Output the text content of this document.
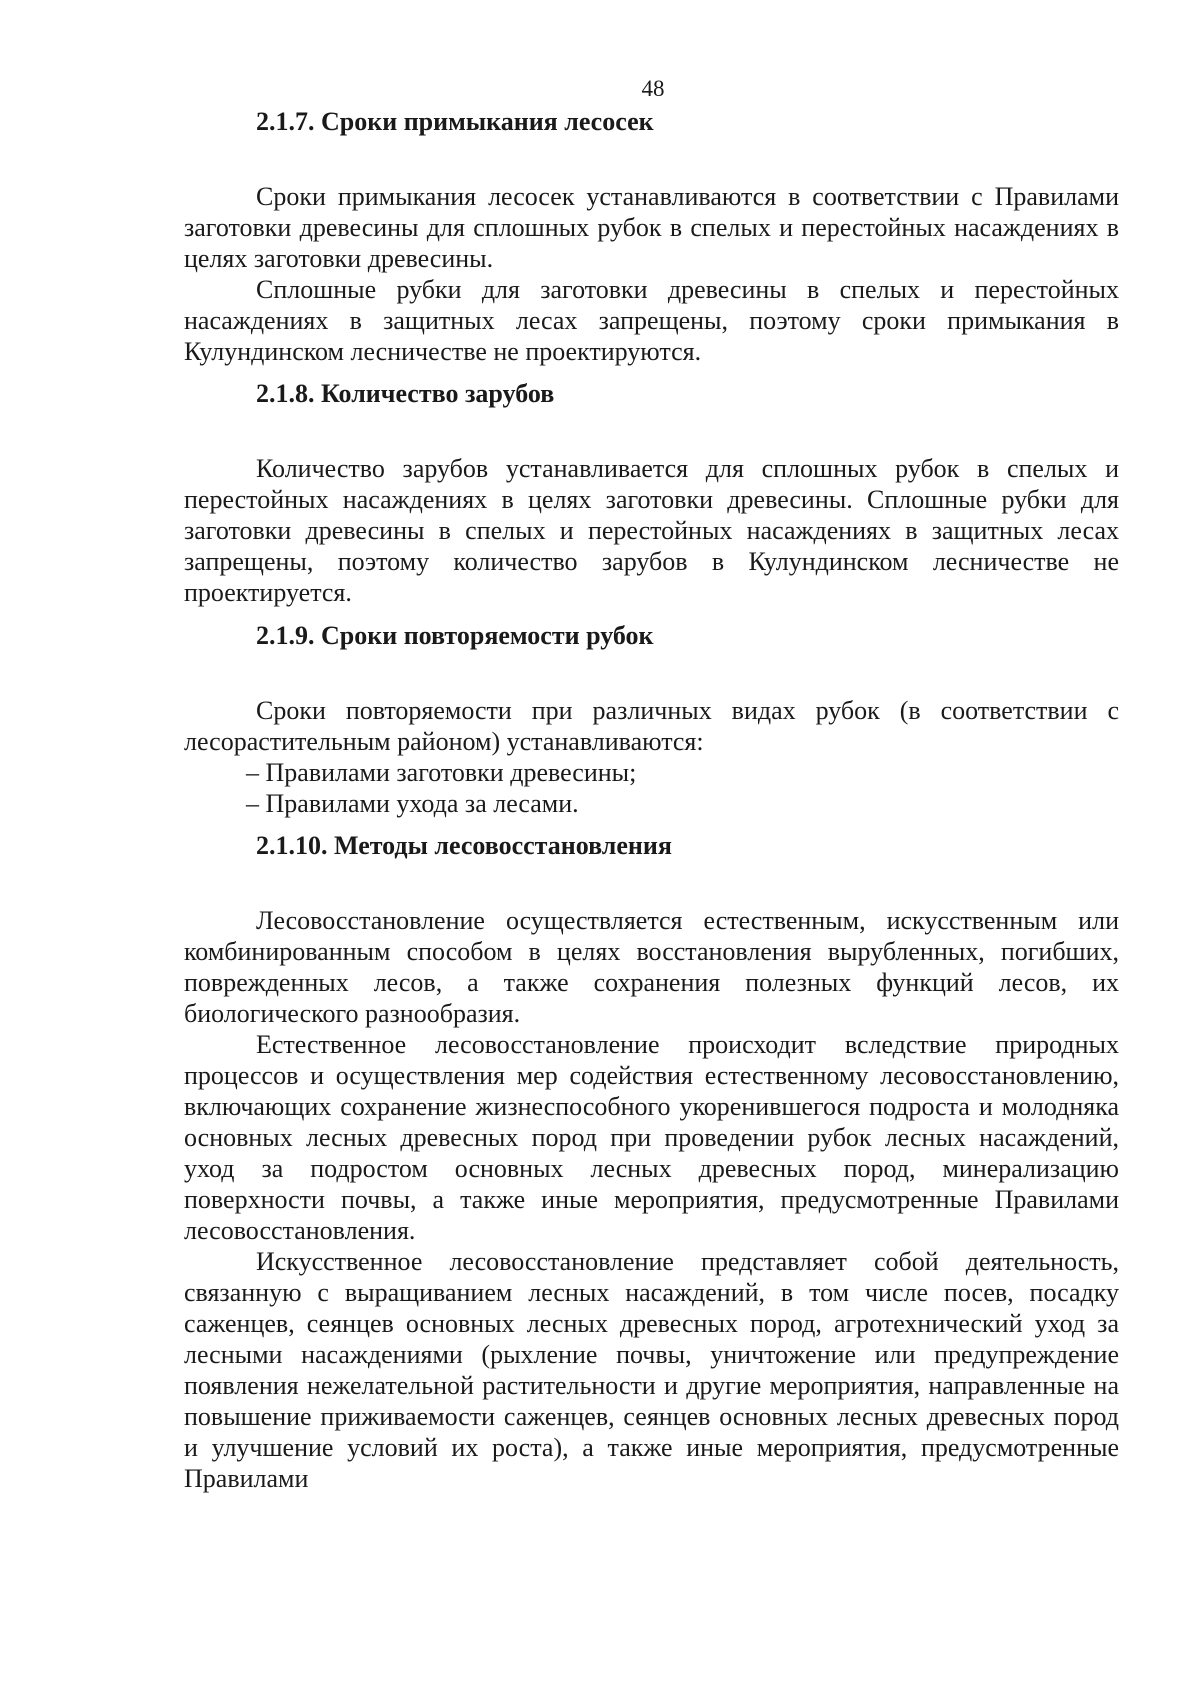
48
2.1.7. Сроки примыкания лесосек

Сроки примыкания лесосек устанавливаются в соответствии с Правилами заготовки древесины для сплошных рубок в спелых и перестойных насаждениях в целях заготовки древесины.

Сплошные рубки для заготовки древесины в спелых и перестойных насаждениях в защитных лесах запрещены, поэтому сроки примыкания в Кулундинском лесничестве не проектируются.

2.1.8. Количество зарубов

Количество зарубов устанавливается для сплошных рубок в спелых и перестойных насаждениях в целях заготовки древесины. Сплошные рубки для заготовки древесины в спелых и перестойных насаждениях в защитных лесах запрещены, поэтому количество зарубов в Кулундинском лесничестве не проектируется.

2.1.9. Сроки повторяемости рубок

Сроки повторяемости при различных видах рубок (в соответствии с лесорастительным районом) устанавливаются:

– Правилами заготовки древесины;

– Правилами ухода за лесами.

2.1.10. Методы лесовосстановления

Лесовосстановление осуществляется естественным, искусственным или комбинированным способом в целях восстановления вырубленных, погибших, поврежденных лесов, а также сохранения полезных функций лесов, их биологического разнообразия.

Естественное лесовосстановление происходит вследствие природных процессов и осуществления мер содействия естественному лесовосстановлению, включающих сохранение жизнеспособного укоренившегося подроста и молодняка основных лесных древесных пород при проведении рубок лесных насаждений, уход за подростом основных лесных древесных пород, минерализацию поверхности почвы, а также иные мероприятия, предусмотренные Правилами лесовосстановления.

Искусственное лесовосстановление представляет собой деятельность, связанную с выращиванием лесных насаждений, в том числе посев, посадку саженцев, сеянцев основных лесных древесных пород, агротехнический уход за лесными насаждениями (рыхление почвы, уничтожение или предупреждение появления нежелательной растительности и другие мероприятия, направленные на повышение приживаемости саженцев, сеянцев основных лесных древесных пород и улучшение условий их роста), а также иные мероприятия, предусмотренные Правилами
